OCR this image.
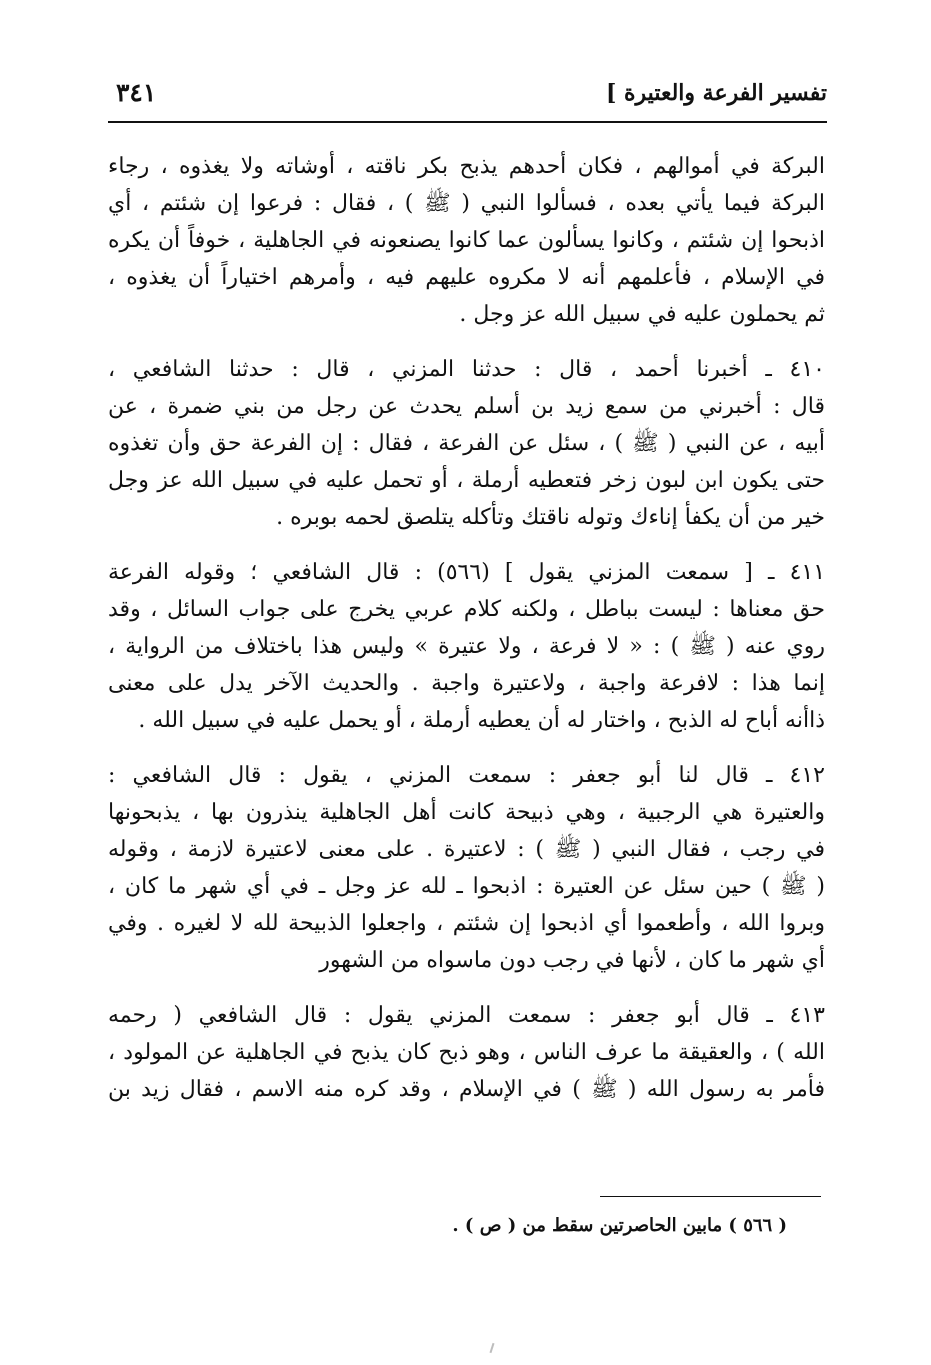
تفسير الفرعة والعتيرة ]
٣٤١
البركة في أموالهم ، فكان أحدهم يذبح بكر ناقته ، أوشاته ولا يغذوه ، رجاء
البركة فيما يأتي بعده ، فسألوا النبي ( ﷺ ) ، فقال : فرعوا إن شئتم ، أي
اذبحوا إن شئتم ، وكانوا يسألون عما كانوا يصنعونه في الجاهلية ، خوفاً أن يكره
في الإسلام ، فأعلمهم أنه لا مكروه عليهم فيه ، وأمرهم اختياراً أن يغذوه ،
ثم يحملون عليه في سبيل الله عز وجل .
٤١٠ ـ أخبرنا أحمد ، قال : حدثنا المزني ، قال : حدثنا الشافعي ،
قال : أخبرني من سمع زيد بن أسلم يحدث عن رجل من بني ضمرة ، عن
أبيه ، عن النبي ( ﷺ ) ، سئل عن الفرعة ، فقال : إن الفرعة حق وأن تغذوه
حتى يكون ابن لبون زخر فتعطيه أرملة ، أو تحمل عليه في سبيل الله عز وجل
خير من أن يكفأ إناءك وتوله ناقتك وتأكله يتلصق لحمه بوبره .
٤١١ ـ [ سمعت المزني يقول ] (٥٦٦) : قال الشافعي ؛ وقوله الفرعة
حق معناها : ليست بباطل ، ولكنه كلام عربي يخرج على جواب السائل ، وقد
روي عنه ( ﷺ ) : « لا فرعة ، ولا عتيرة » وليس هذا باختلاف من الرواية ،
إنما هذا : لافرعة واجبة ، ولاعتيرة واجبة . والحديث الآخر يدل على معنى
ذاأنه أباح له الذبح ، واختار له أن يعطيه أرملة ، أو يحمل عليه في سبيل الله .
٤١٢ ـ قال لنا أبو جعفر : سمعت المزني ، يقول : قال الشافعي :
والعتيرة هي الرجبية ، وهي ذبيحة كانت أهل الجاهلية ينذرون بها ، يذبحونها
في رجب ، فقال النبي ( ﷺ ) : لاعتيرة . على معنى لاعتيرة لازمة ، وقوله
( ﷺ ) حين سئل عن العتيرة : اذبحوا ـ لله عز وجل ـ في أي شهر ما كان ،
وبروا الله ، وأطعموا أي اذبحوا إن شئتم ، واجعلوا الذبيحة لله لا لغيره . وفي
أي شهر ما كان ، لأنها في رجب دون ماسواه من الشهور
٤١٣ ـ قال أبو جعفر : سمعت المزني يقول : قال الشافعي ( رحمه
الله ) ، والعقيقة ما عرف الناس ، وهو ذبح كان يذبح في الجاهلية عن المولود ،
فأمر به رسول الله ( ﷺ ) في الإسلام ، وقد كره منه الاسم ، فقال زيد بن
( ٥٦٦ ) مابين الحاصرتين سقط من ( ص ) .
